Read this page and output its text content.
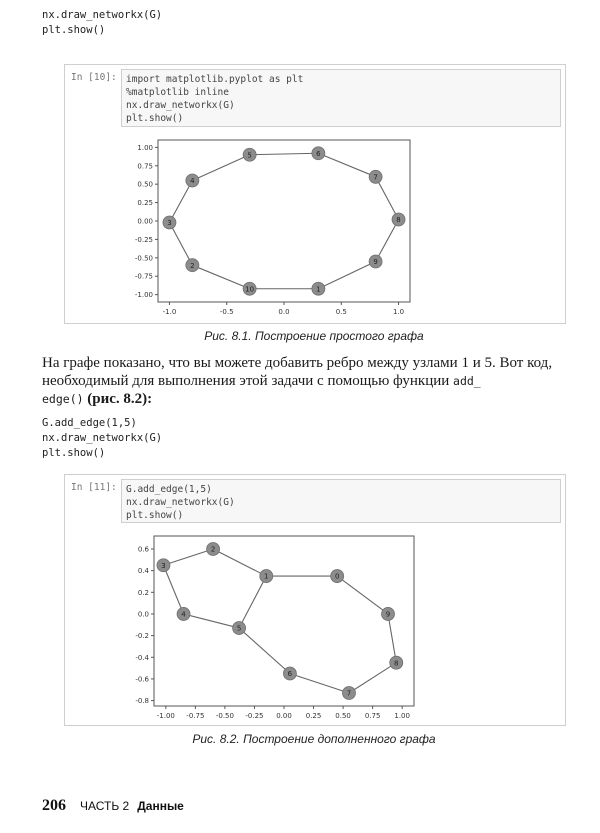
nx.draw_networkx(G)
plt.show()
In [10]: import matplotlib.pyplot as plt
%matplotlib inline
nx.draw_networkx(G)
plt.show()
-1.0	-0.5	0.0	0.5	1.0
1.00
0.75
0.50
0.25
0.00
-0.25
-0.50
-0.75
-1.00
1
2
3
4
5	6
7
8
9
10
Рис. 8.1. Построение простого графа
На графе показано, что вы можете добавить ребро между узлами 1 и 5. Вот код, необходимый для выполнения этой задачи с помощью функции add_
edge() (рис. 8.2):
G.add_edge(1,5)
nx.draw_networkx(G)
plt.show()
In [11]: G.add_edge(1,5)
nx.draw_networkx(G)
plt.show()
-1.00 -0.75 -0.50 -0.25 0.00 0.25 0.50 0.75 1.00
0.6
0.4
0.2
0.0
-0.2
-0.4
-0.6
-0.8
1
2
3
4
5
6
7
8
9
0
Рис. 8.2. Построение дополненного графа
206 ЧАСТЬ 2 Данные
